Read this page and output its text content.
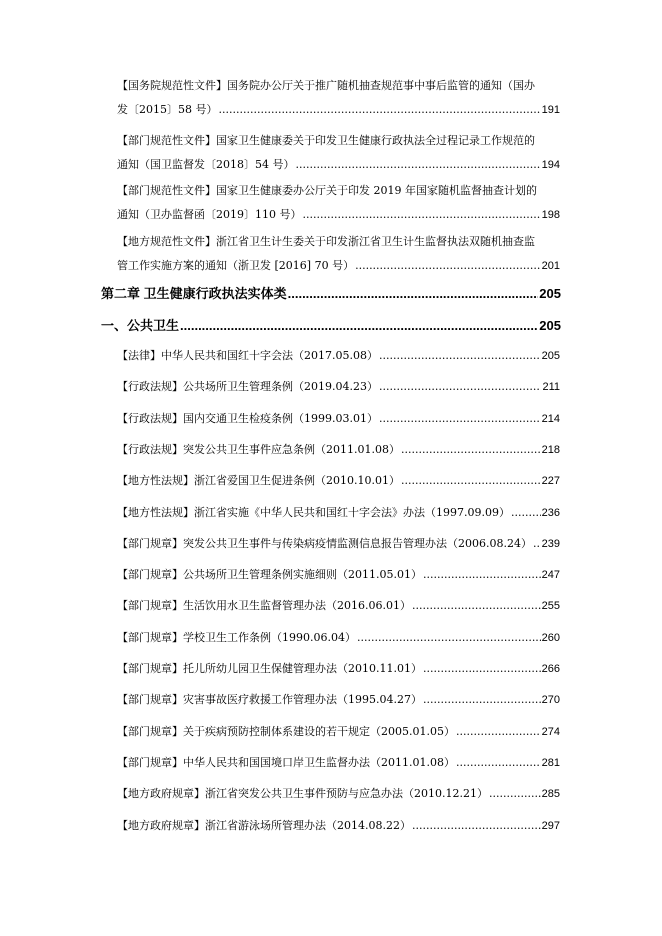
【国务院规范性文件】国务院办公厅关于推广随机抽查规范事中事后监管的通知（国办
发〔2015〕58 号） .....	191
【部门规范性文件】国家卫生健康委关于印发卫生健康行政执法全过程记录工作规范的
通知（国卫监督发〔2018〕54 号） .....	194
【部门规范性文件】国家卫生健康委办公厅关于印发 2019 年国家随机监督抽查计划的
通知（卫办监督函〔2019〕110 号） .....	198
【地方规范性文件】浙江省卫生计生委关于印发浙江省卫生计生监督执法双随机抽查监
管工作实施方案的通知（浙卫发 [2016] 70 号） .....	201
第二章 卫生健康行政执法实体类 .....	205
一、公共卫生 .....	205
【法律】中华人民共和国红十字会法（2017.05.08） .....	205
【行政法规】公共场所卫生管理条例（2019.04.23） .....	211
【行政法规】国内交通卫生检疫条例（1999.03.01） .....	214
【行政法规】突发公共卫生事件应急条例（2011.01.08） .....	218
【地方性法规】浙江省爱国卫生促进条例（2010.10.01） .....	227
【地方性法规】浙江省实施《中华人民共和国红十字会法》办法（1997.09.09） .....	236
【部门规章】突发公共卫生事件与传染病疫情监测信息报告管理办法（2006.08.24） ..... 239
【部门规章】公共场所卫生管理条例实施细则（2011.05.01） .....	247
【部门规章】生活饮用水卫生监督管理办法（2016.06.01） .....	255
【部门规章】学校卫生工作条例（1990.06.04） .....	260
【部门规章】托儿所幼儿园卫生保健管理办法（2010.11.01） .....	266
【部门规章】灾害事故医疗救援工作管理办法（1995.04.27） .....	270
【部门规章】关于疾病预防控制体系建设的若干规定（2005.01.05） .....	274
【部门规章】中华人民共和国国境口岸卫生监督办法（2011.01.08） .....	281
【地方政府规章】浙江省突发公共卫生事件预防与应急办法（2010.12.21） .....	285
【地方政府规章】浙江省游泳场所管理办法（2014.08.22） .....	297
